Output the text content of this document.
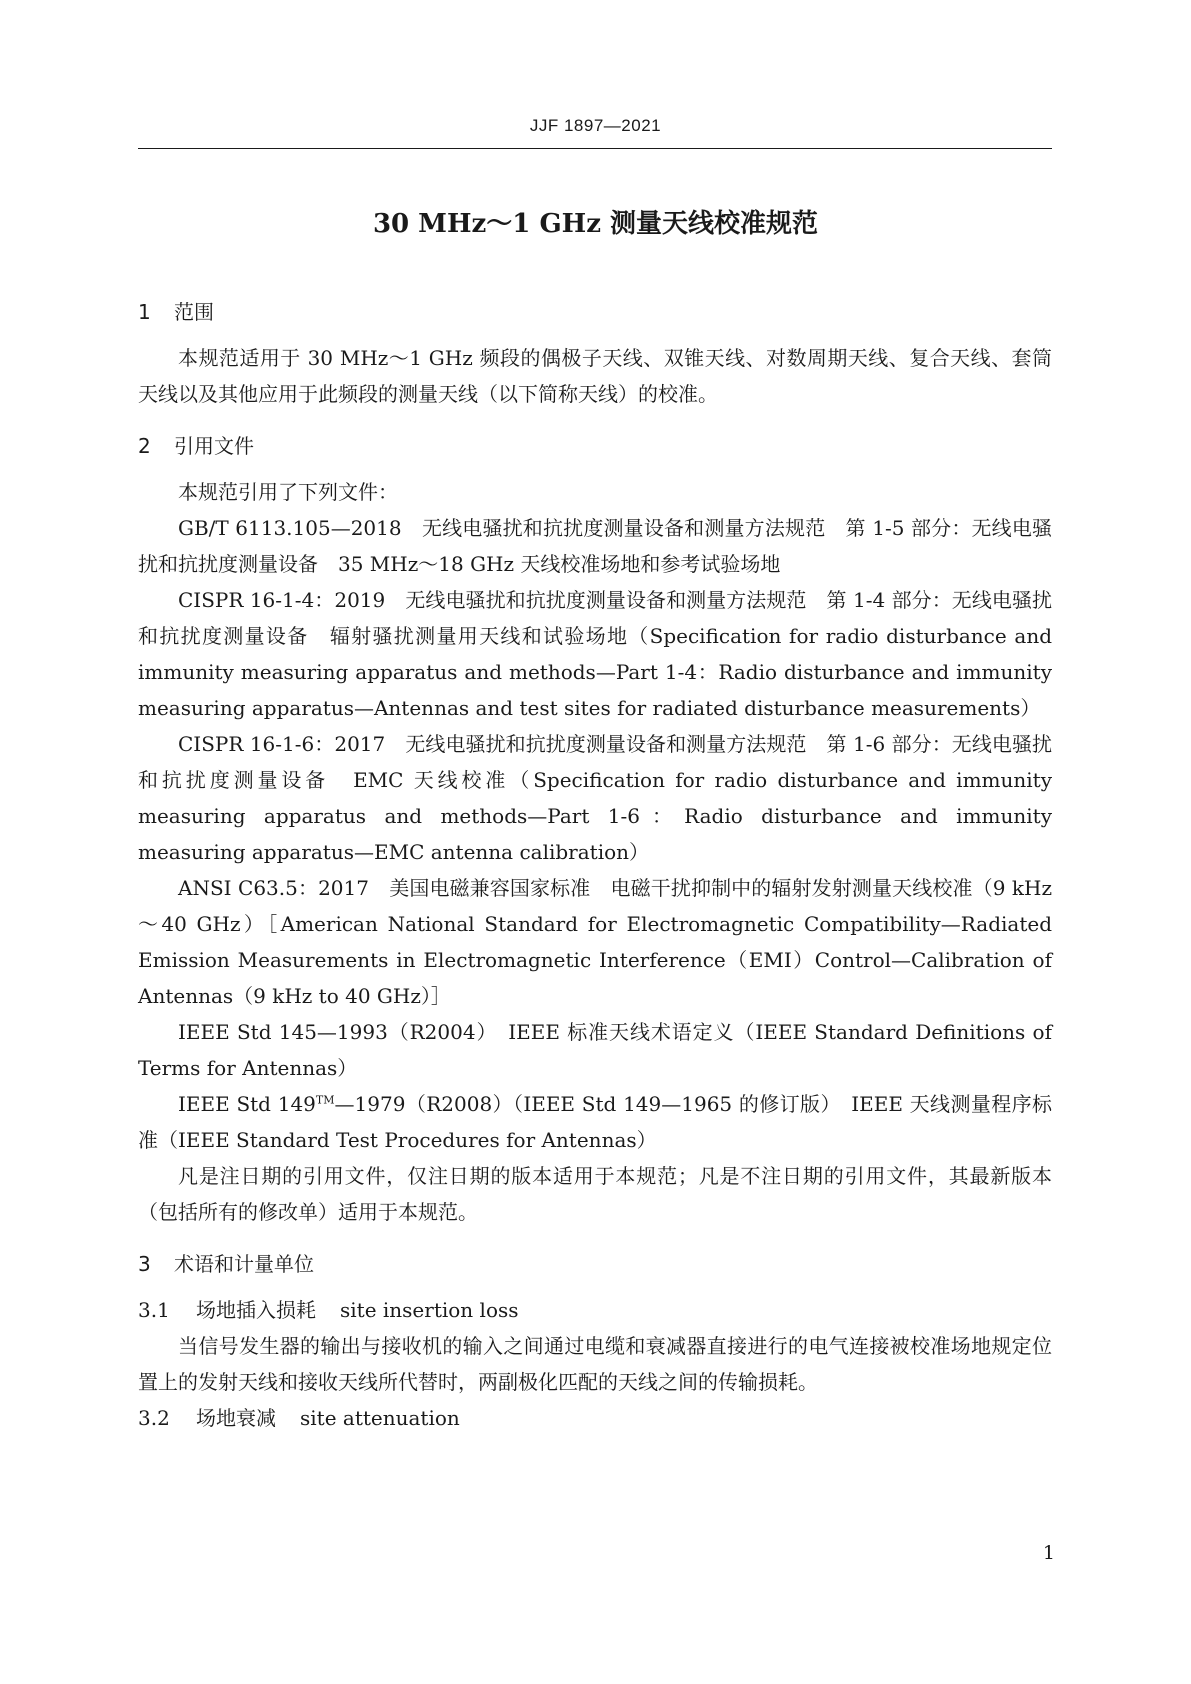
JJF 1897—2021
30 MHz～1 GHz 测量天线校准规范
1 范围

本规范适用于 30 MHz～1 GHz 频段的偶极子天线、双锥天线、对数周期天线、复合天线、套筒天线以及其他应用于此频段的测量天线（以下简称天线）的校准。

2 引用文件

本规范引用了下列文件：

GB/T 6113.105—2018　无线电骚扰和抗扰度测量设备和测量方法规范　第 1-5 部分：无线电骚扰和抗扰度测量设备　35 MHz～18 GHz 天线校准场地和参考试验场地

CISPR 16-1-4：2019　无线电骚扰和抗扰度测量设备和测量方法规范　第 1-4 部分：无线电骚扰和抗扰度测量设备　辐射骚扰测量用天线和试验场地（Specification for radio disturbance and immunity measuring apparatus and methods—Part 1-4：Radio disturbance and immunity measuring apparatus—Antennas and test sites for radiated disturbance measurements）

CISPR 16-1-6：2017　无线电骚扰和抗扰度测量设备和测量方法规范　第 1-6 部分：无线电骚扰和抗扰度测量设备　EMC 天线校准（Specification for radio disturbance and immunity measuring apparatus and methods—Part 1-6：Radio disturbance and immunity measuring apparatus—EMC antenna calibration）

ANSI C63.5：2017　美国电磁兼容国家标准　电磁干扰抑制中的辐射发射测量天线校准（9 kHz～40 GHz）［American National Standard for Electromagnetic Compatibility—Radiated Emission Measurements in Electromagnetic Interference（EMI）Control—Calibration of Antennas（9 kHz to 40 GHz）］

IEEE Std 145—1993（R2004）　IEEE 标准天线术语定义（IEEE Standard Definitions of Terms for Antennas）

IEEE Std 149™—1979（R2008）（IEEE Std 149—1965 的修订版）　IEEE 天线测量程序标准（IEEE Standard Test Procedures for Antennas）

凡是注日期的引用文件，仅注日期的版本适用于本规范；凡是不注日期的引用文件，其最新版本（包括所有的修改单）适用于本规范。

3 术语和计量单位

3.1 场地插入损耗 site insertion loss

当信号发生器的输出与接收机的输入之间通过电缆和衰减器直接进行的电气连接被校准场地规定位置上的发射天线和接收天线所代替时，两副极化匹配的天线之间的传输损耗。

3.2 场地衰减 site attenuation

1
